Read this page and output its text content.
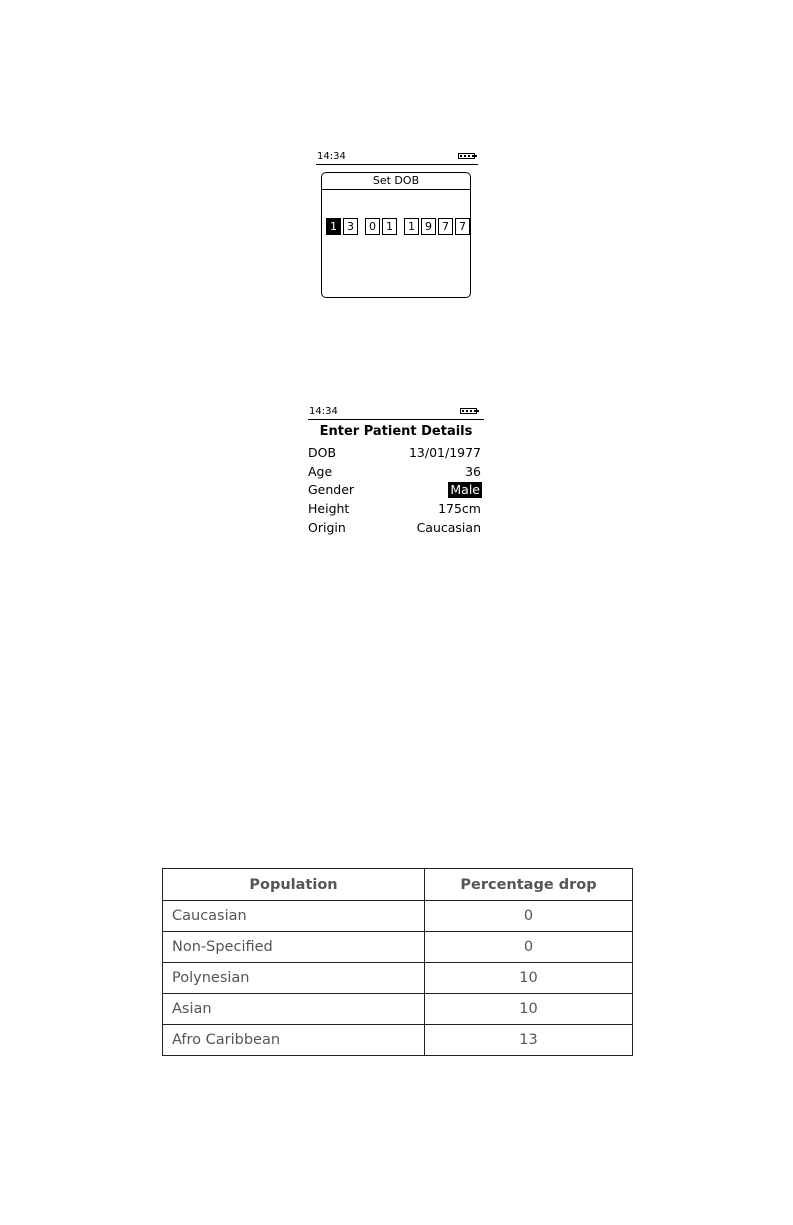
14:34
Set DOB
1 3	0 1	1 9 7 7
14:34
Enter Patient Details
DOB	13/01/1977
Age	36
Gender	Male
Height	175cm
Origin	Caucasian
Population	Percentage drop
Caucasian	0
Non-Specified	0
Polynesian	10
Asian	10
Afro Caribbean	13
